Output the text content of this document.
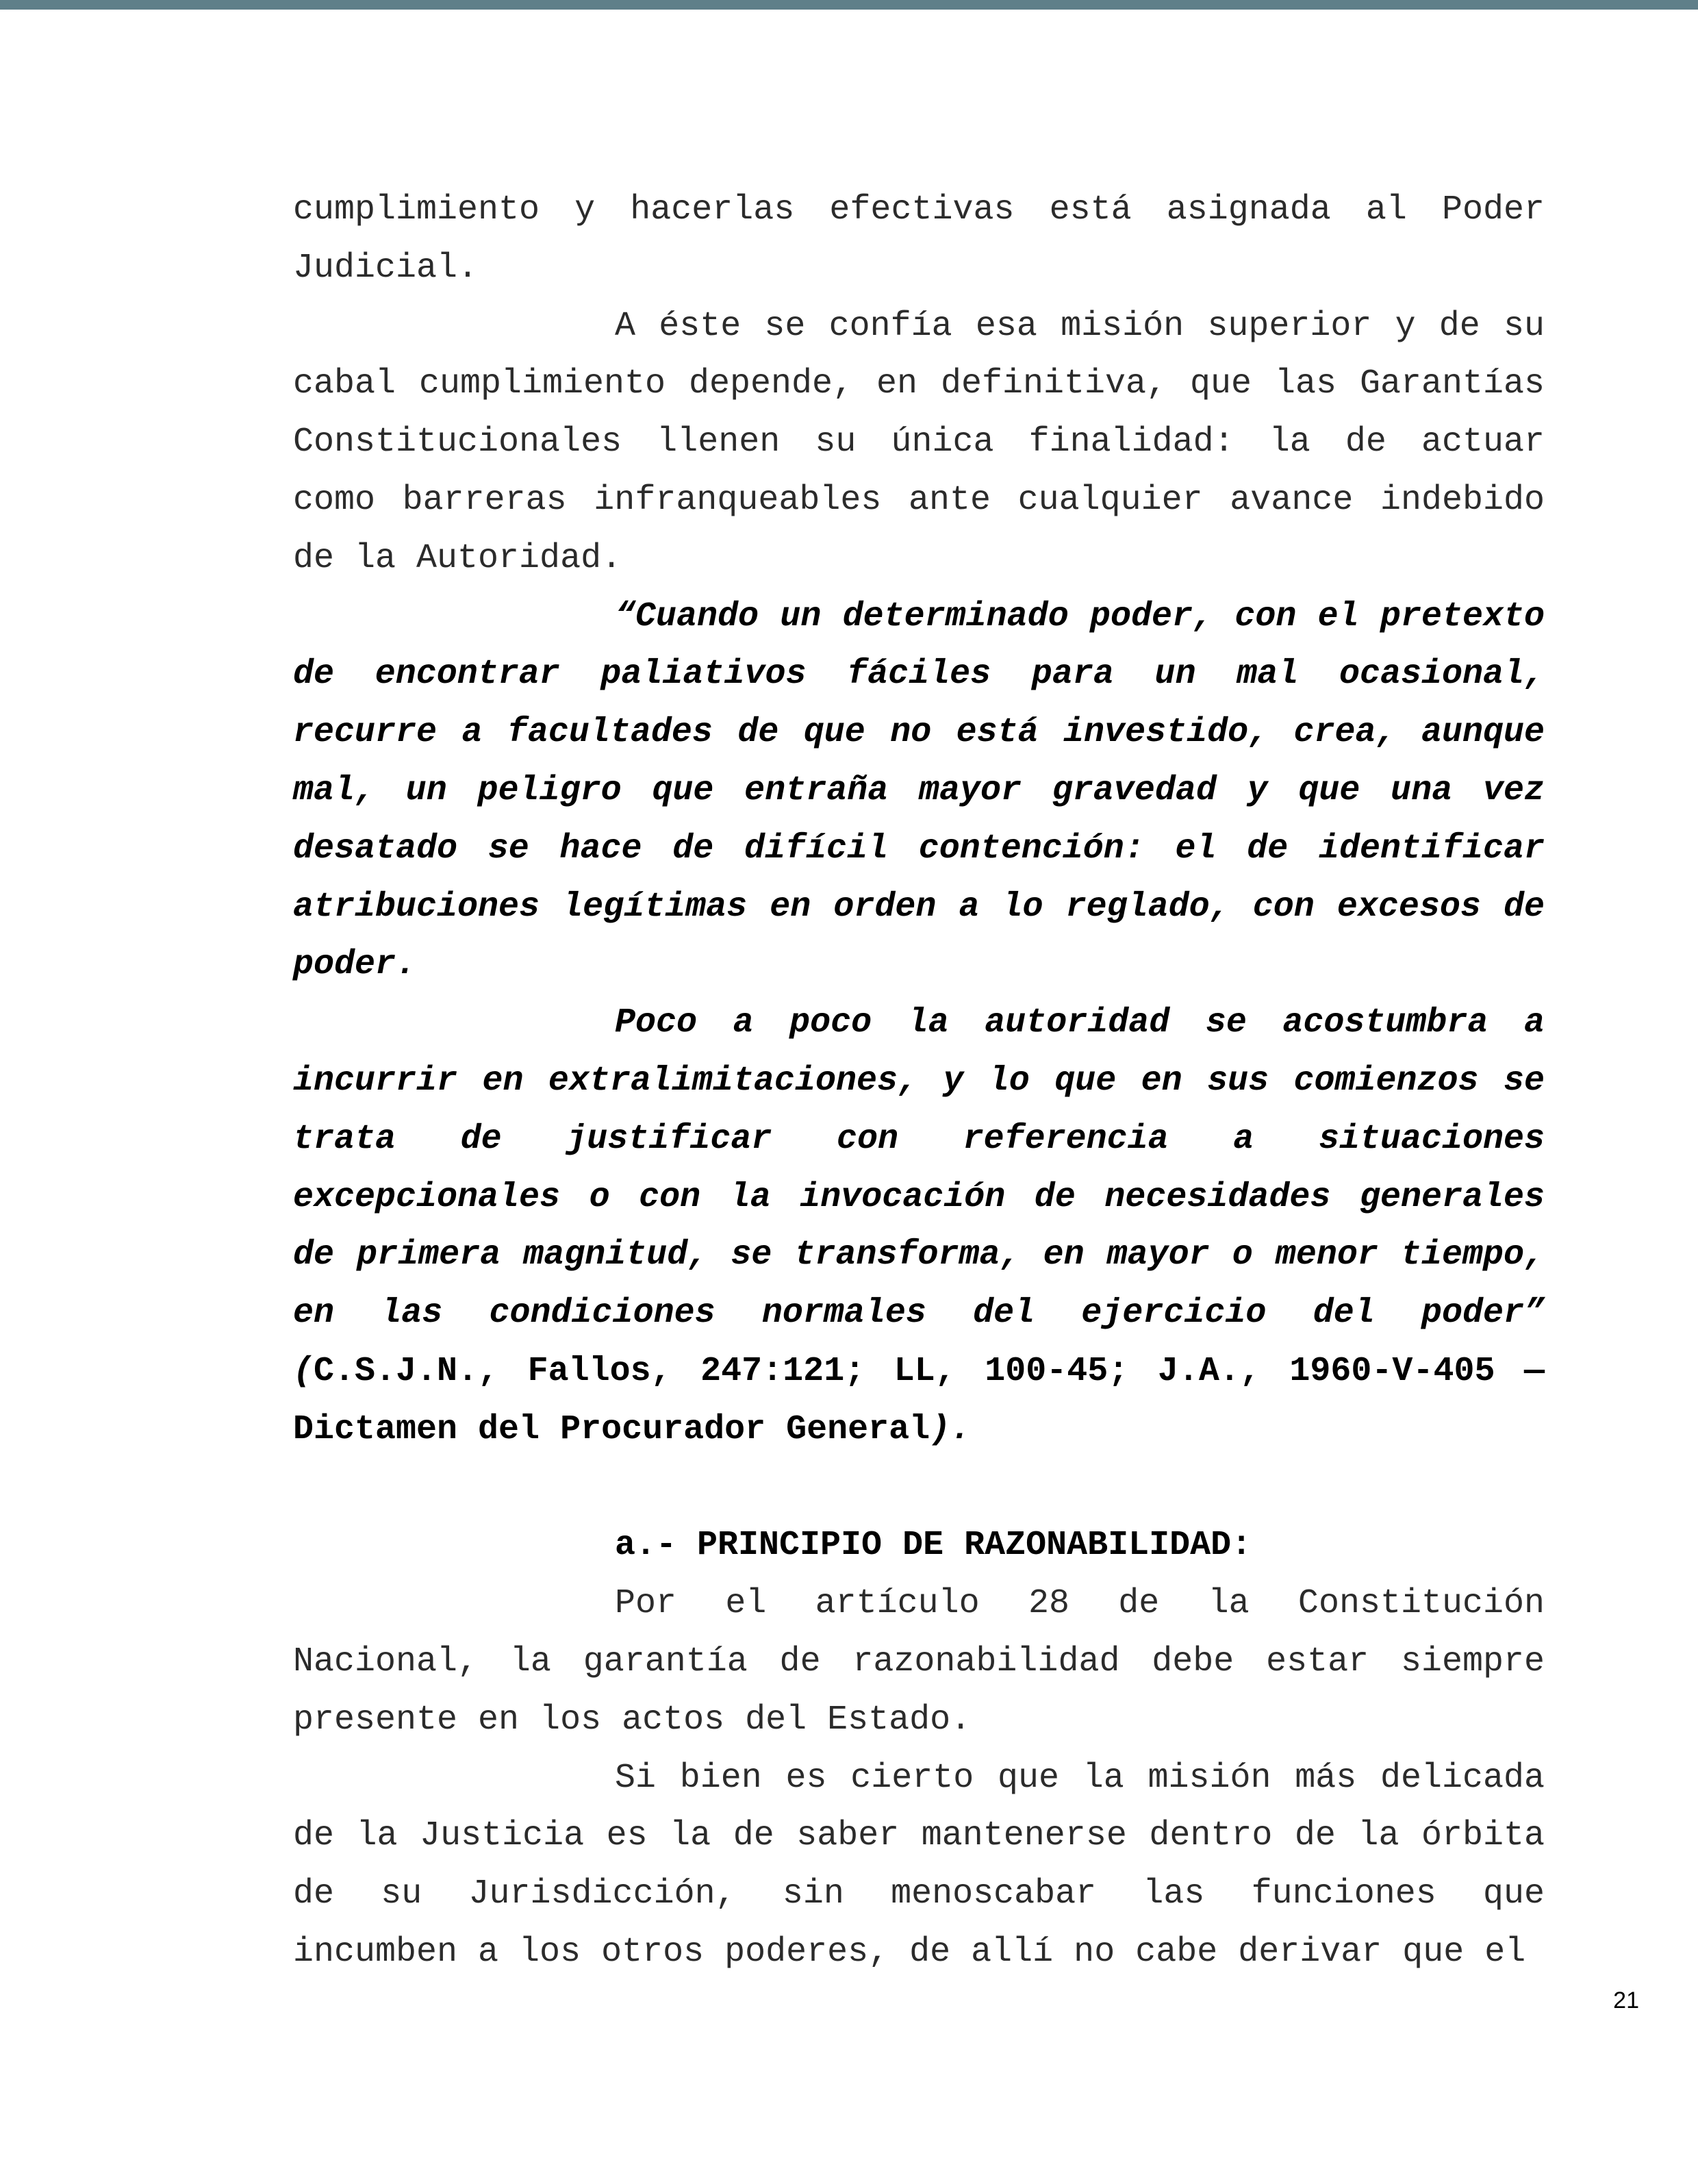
cumplimiento y hacerlas efectivas está asignada al Poder Judicial.

A éste se confía esa misión superior y de su cabal cumplimiento depende, en definitiva, que las Garantías Constitucionales llenen su única finalidad: la de actuar como barreras infranqueables ante cualquier avance indebido de la Autoridad.

“Cuando un determinado poder, con el pretexto de encontrar paliativos fáciles para un mal ocasional, recurre a facultades de que no está investido, crea, aunque mal, un peligro que entraña mayor gravedad y que una vez desatado se hace de difícil contención: el de identificar atribuciones legítimas en orden a lo reglado, con excesos de poder.

Poco a poco la autoridad se acostumbra a incurrir en extralimitaciones, y lo que en sus comienzos se trata de justificar con referencia a situaciones excepcionales o con la invocación de necesidades generales de primera magnitud, se transforma, en mayor o menor tiempo, en las condiciones normales del ejercicio del poder” (C.S.J.N., Fallos, 247:121; LL, 100-45; J.A., 1960-V-405 — Dictamen del Procurador General).

a.- PRINCIPIO DE RAZONABILIDAD:

Por el artículo 28 de la Constitución Nacional, la garantía de razonabilidad debe estar siempre presente en los actos del Estado.

Si bien es cierto que la misión más delicada de la Justicia es la de saber mantenerse dentro de la órbita de su Jurisdicción, sin menoscabar las funciones que incumben a los otros poderes, de allí no cabe derivar que el

21
